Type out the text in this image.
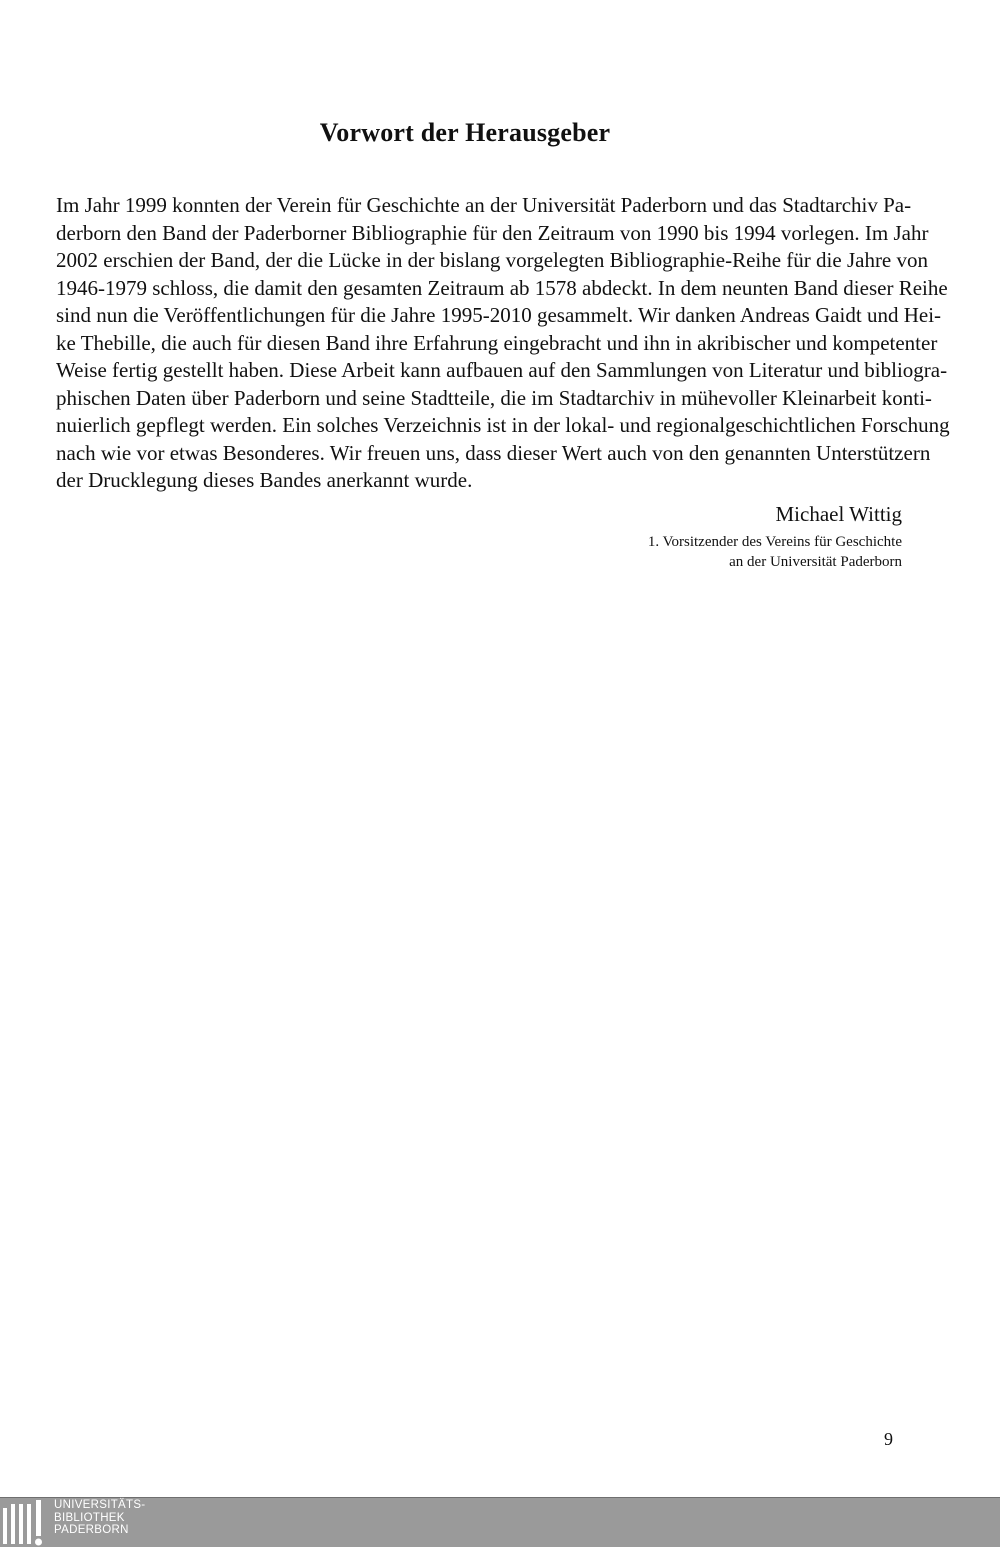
Vorwort der Herausgeber
Im Jahr 1999 konnten der Verein für Geschichte an der Universität Paderborn und das Stadtarchiv Pa-
derborn den Band der Paderborner Bibliographie für den Zeitraum von 1990 bis 1994 vorlegen. Im Jahr
2002 erschien der Band, der die Lücke in der bislang vorgelegten Bibliographie-Reihe für die Jahre von
1946-1979 schloss, die damit den gesamten Zeitraum ab 1578 abdeckt. In dem neunten Band dieser Reihe
sind nun die Veröffentlichungen für die Jahre 1995-2010 gesammelt. Wir danken Andreas Gaidt und Hei-
ke Thebille, die auch für diesen Band ihre Erfahrung eingebracht und ihn in akribischer und kompetenter
Weise fertig gestellt haben. Diese Arbeit kann aufbauen auf den Sammlungen von Literatur und bibliogra-
phischen Daten über Paderborn und seine Stadtteile, die im Stadtarchiv in mühevoller Kleinarbeit konti-
nuierlich gepflegt werden. Ein solches Verzeichnis ist in der lokal- und regionalgeschichtlichen Forschung
nach wie vor etwas Besonderes. Wir freuen uns, dass dieser Wert auch von den genannten Unterstützern
der Drucklegung dieses Bandes anerkannt wurde.

Michael Wittig

1. Vorsitzender des Vereins für Geschichte

an der Universität Paderborn

9
UNIVERSITÄTS-
BIBLIOTHEK
PADERBORN
